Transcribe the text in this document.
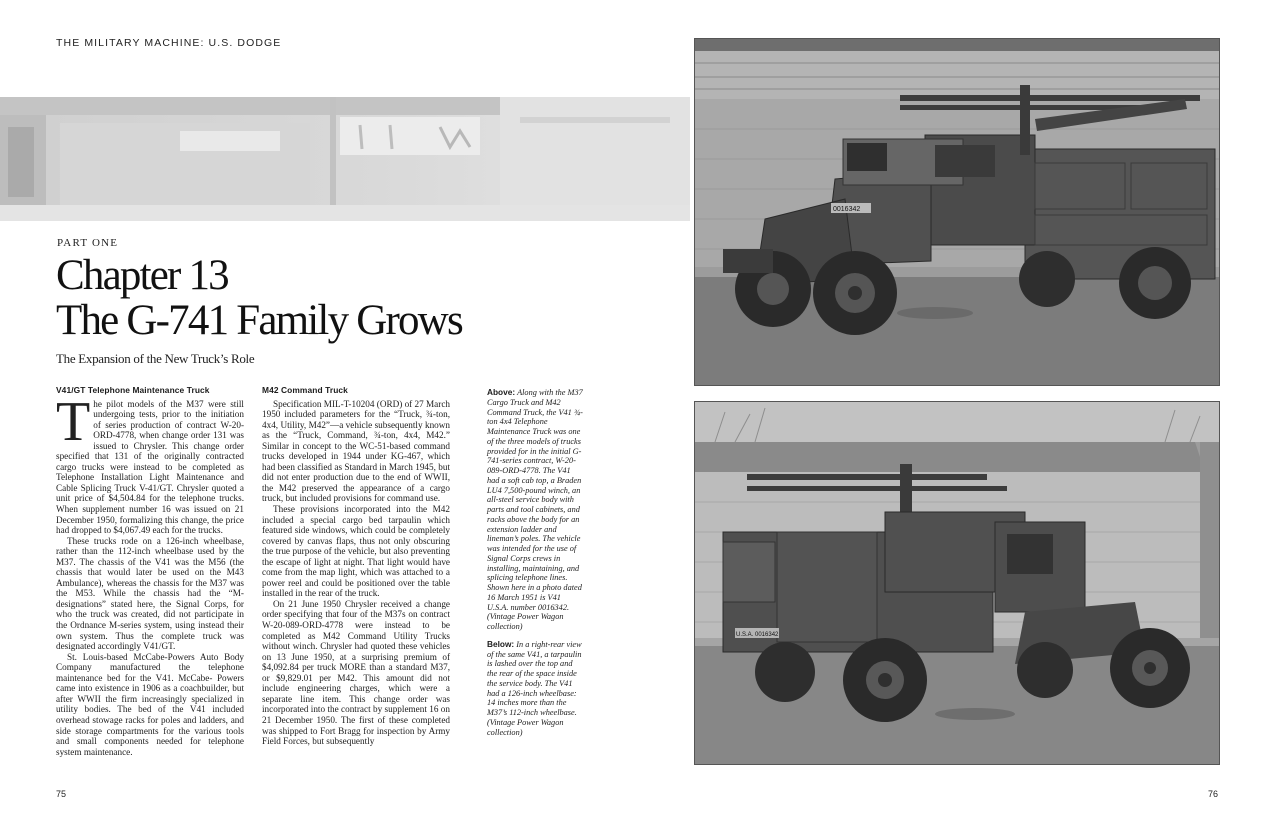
THE MILITARY MACHINE: U.S. DODGE
PART ONE
Chapter 13
The G-741 Family Grows
The Expansion of the New Truck’s Role
V41/GT Telephone Maintenance Truck

The pilot models of the M37 were still undergoing tests, prior to the initiation of series production of contract W-20-ORD-4778, when change order 131 was issued to Chrysler. This change order specified that 131 of the originally contracted cargo trucks were instead to be completed as Telephone Installation Light Maintenance and Cable Splicing Truck V-41/GT. Chrysler quoted a unit price of $4,504.84 for the telephone trucks. When supplement number 16 was issued on 21 December 1950, formalizing this change, the price had dropped to $4,067.49 each for the trucks.

These trucks rode on a 126-inch wheelbase, rather than the 112-inch wheelbase used by the M37. The chassis of the V41 was the M56 (the chassis that would later be used on the M43 Ambulance), whereas the chassis for the M37 was the M53. While the chassis had the “M-designations” stated here, the Signal Corps, for who the truck was created, did not participate in the Ordnance M-series system, using instead their own system. Thus the complete truck was designated accordingly V41/GT.

St. Louis-based McCabe-Powers Auto Body Company manufactured the telephone maintenance bed for the V41. McCabe- Powers came into existence in 1906 as a coachbuilder, but after WWII the firm increasingly specialized in utility bodies. The bed of the V41 included overhead stowage racks for poles and ladders, and side storage compartments for the various tools and small components needed for telephone system maintenance.

M42 Command Truck

Specification MIL-T-10204 (ORD) of 27 March 1950 included parameters for the “Truck, ¾-ton, 4x4, Utility, M42”—a vehicle subsequently known as the “Truck, Command, ¾-ton, 4x4, M42.” Similar in concept to the WC-51-based command trucks developed in 1944 under KG-467, which had been classified as Standard in March 1945, but did not enter production due to the end of WWII, the M42 preserved the appearance of a cargo truck, but included provisions for command use.

These provisions incorporated into the M42 included a special cargo bed tarpaulin which featured side windows, which could be completely covered by canvas flaps, thus not only obscuring the true purpose of the vehicle, but also preventing the escape of light at night. That light would have come from the map light, which was attached to a power reel and could be positioned over the table installed in the rear of the truck.

On 21 June 1950 Chrysler received a change order specifying that four of the M37s on contract W-20-089-ORD-4778 were instead to be completed as M42 Command Utility Trucks without winch. Chrysler had quoted these vehicles on 13 June 1950, at a surprising premium of $4,092.84 per truck MORE than a standard M37, or $9,829.01 per M42. This amount did not include engineering charges, which were a separate line item. This change order was incorporated into the contract by supplement 16 on 21 December 1950. The first of these completed was shipped to Fort Bragg for inspection by Army Field Forces, but subsequently

Above: Along with the M37 Cargo Truck and M42 Command Truck, the V41 ¾-ton 4x4 Telephone Maintenance Truck was one of the three models of trucks provided for in the initial G-741-series contract, W-20-089-ORD-4778. The V41 had a soft cab top, a Braden LU4 7,500-pound winch, an all-steel service body with parts and tool cabinets, and racks above the body for an extension ladder and lineman’s poles. The vehicle was intended for the use of Signal Corps crews in installing, maintaining, and splicing telephone lines. Shown here in a photo dated 16 March 1951 is V41 U.S.A. number 0016342. (Vintage Power Wagon collection)

Below: In a right-rear view of the same V41, a tarpaulin is lashed over the top and the rear of the space inside the service body. The V41 had a 126-inch wheelbase: 14 inches more than the M37’s 112-inch wheelbase. (Vintage Power Wagon collection)

0016342
U.S.A. 0016342
75	76
